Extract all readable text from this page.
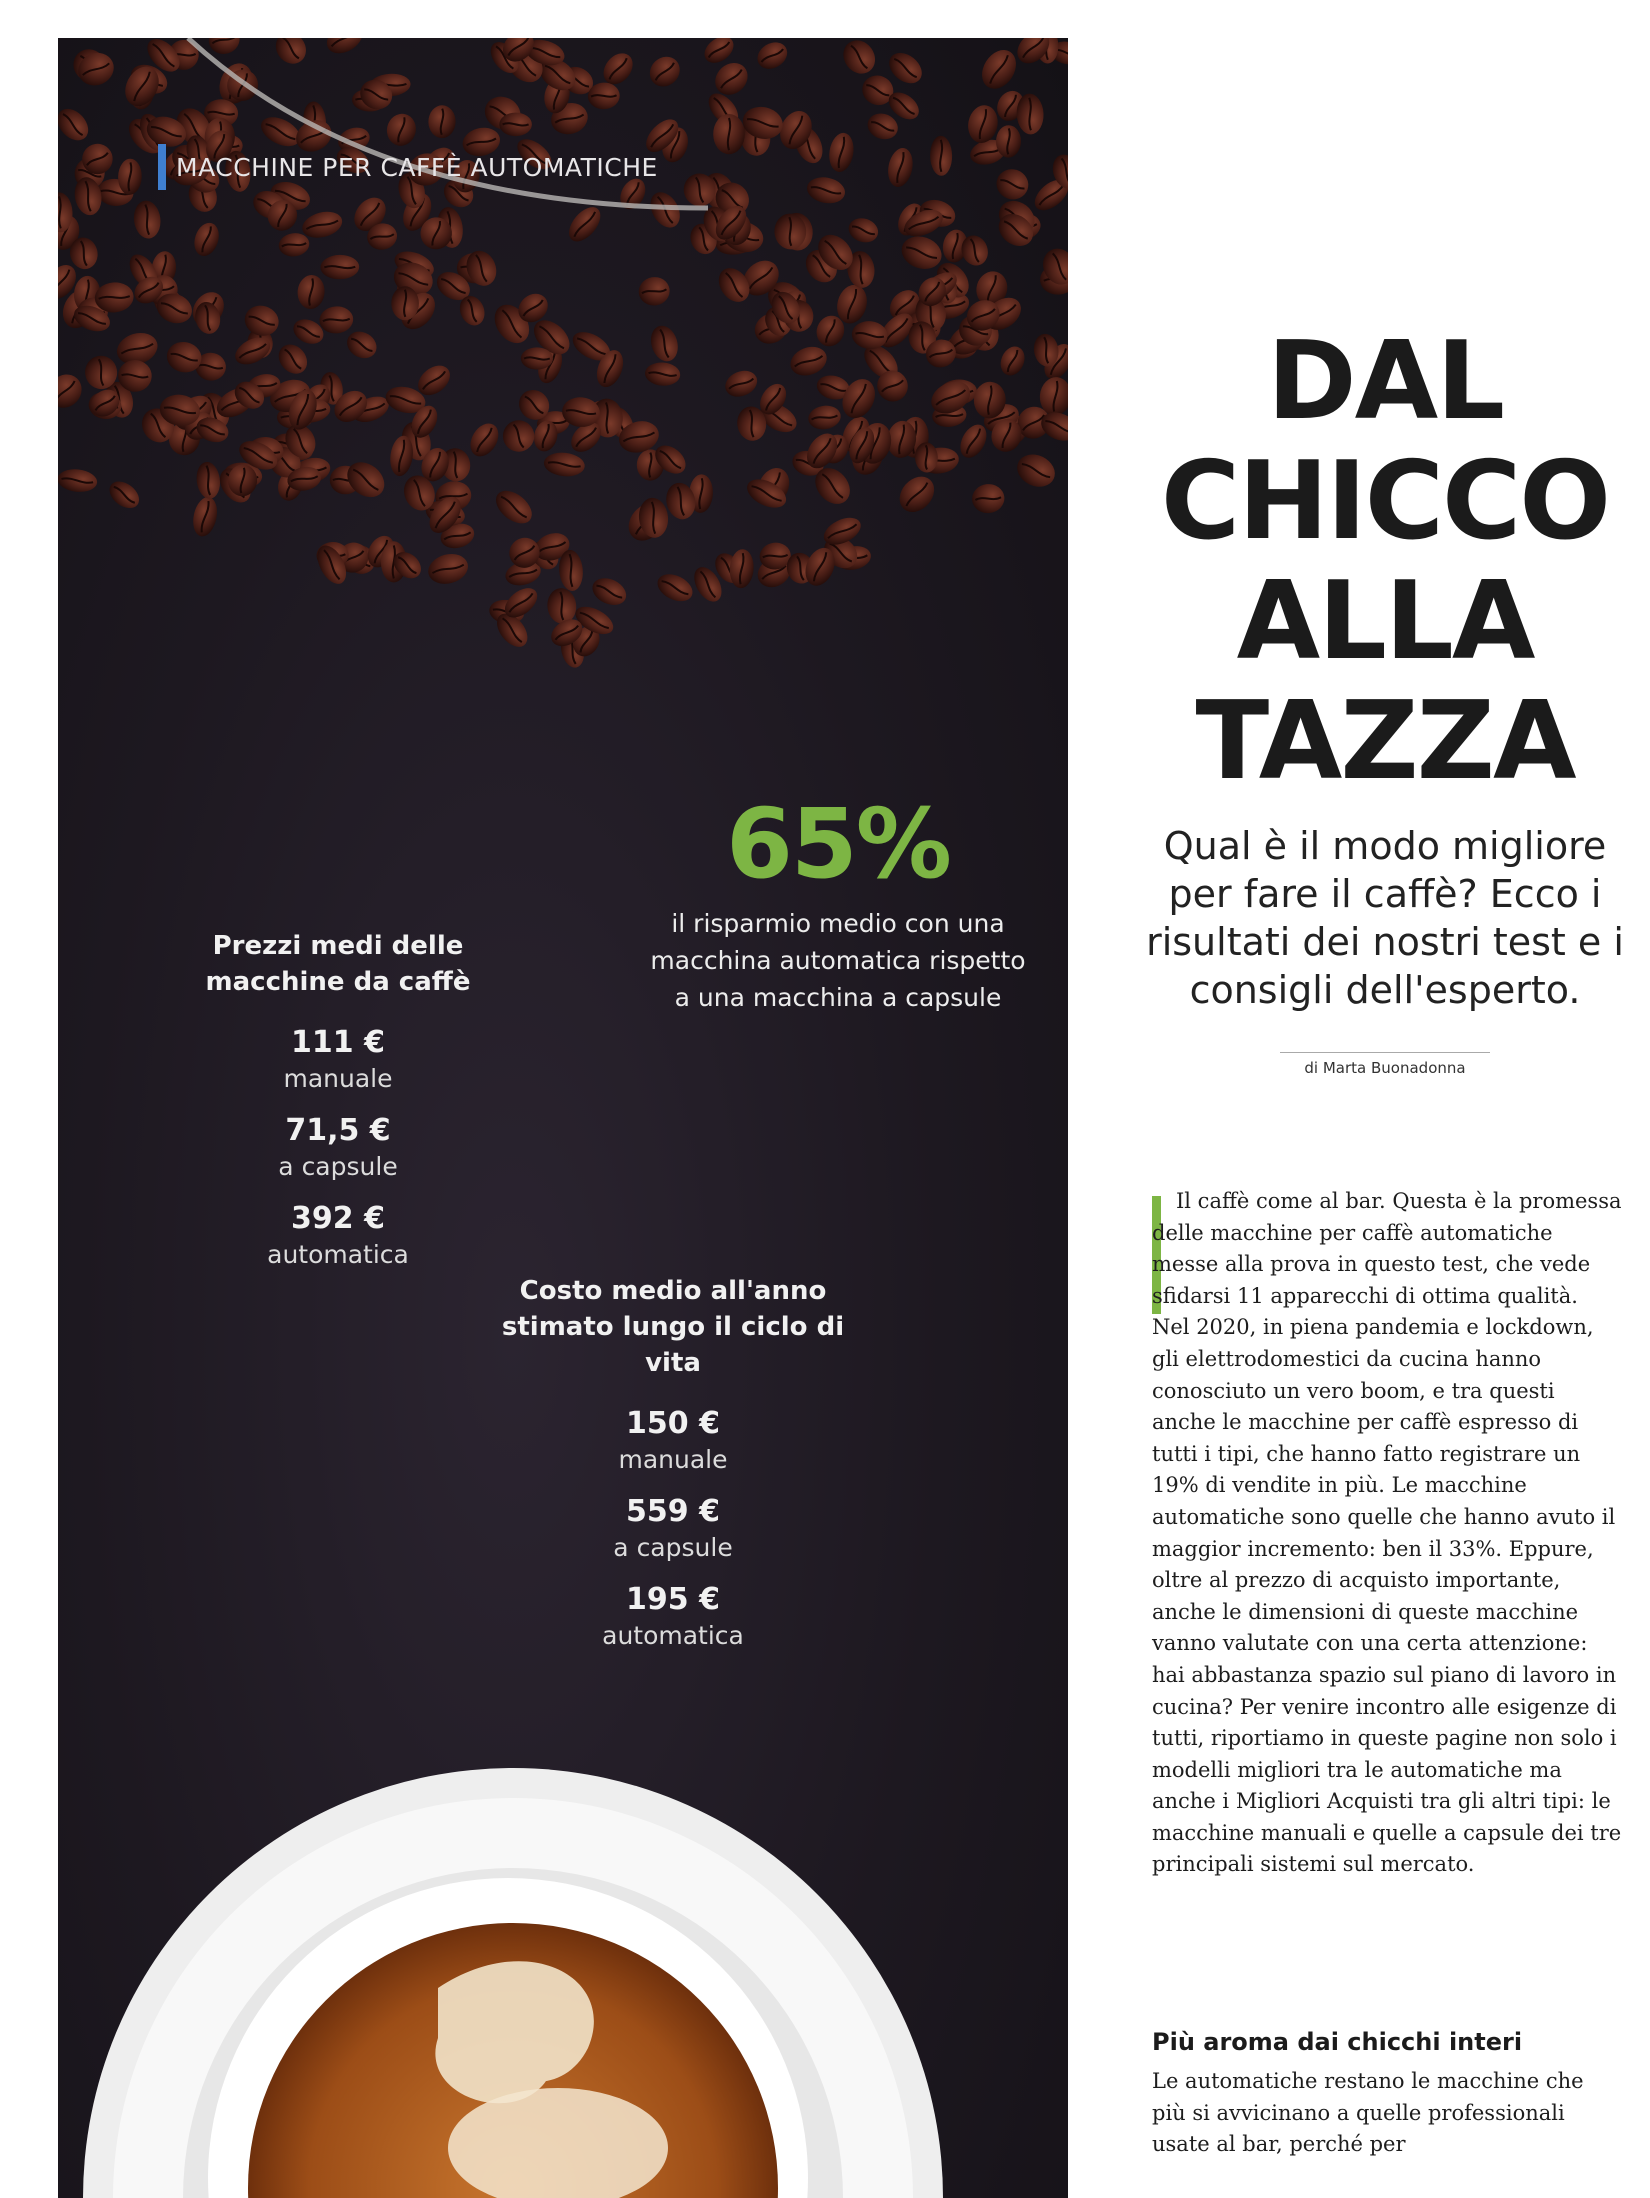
MACCHINE PER CAFFÈ AUTOMATICHE
65%
il risparmio medio con una macchina automatica rispetto a una macchina a capsule
Prezzi medi delle macchine da caffè
111 €
manuale
71,5 €
a capsule
392 €
automatica
Costo medio all'anno stimato lungo il ciclo di vita
150 €
manuale
559 €
a capsule
195 €
automatica
DAL
CHICCO
ALLA
TAZZA
Qual è il modo migliore per fare il caffè? Ecco i risultati dei nostri test e i consigli dell'esperto.
di Marta Buonadonna

Il caffè come al bar. Questa è la promessa delle macchine per caffè automatiche messe alla prova in questo test, che vede sfidarsi 11 apparecchi di ottima qualità. Nel 2020, in piena pandemia e lockdown, gli elettrodomestici da cucina hanno conosciuto un vero boom, e tra questi anche le macchine per caffè espresso di tutti i tipi, che hanno fatto registrare un 19% di vendite in più. Le macchine automatiche sono quelle che hanno avuto il maggior incremento: ben il 33%. Eppure, oltre al prezzo di acquisto importante, anche le dimensioni di queste macchine vanno valutate con una certa attenzione: hai abbastanza spazio sul piano di lavoro in cucina? Per venire incontro alle esigenze di tutti, riportiamo in queste pagine non solo i modelli migliori tra le automatiche ma anche i Migliori Acquisti tra gli altri tipi: le macchine manuali e quelle a capsule dei tre principali sistemi sul mercato.

Più aroma dai chicchi interi
Le automatiche restano le macchine che più si avvicinano a quelle professionali usate al bar, perché per
